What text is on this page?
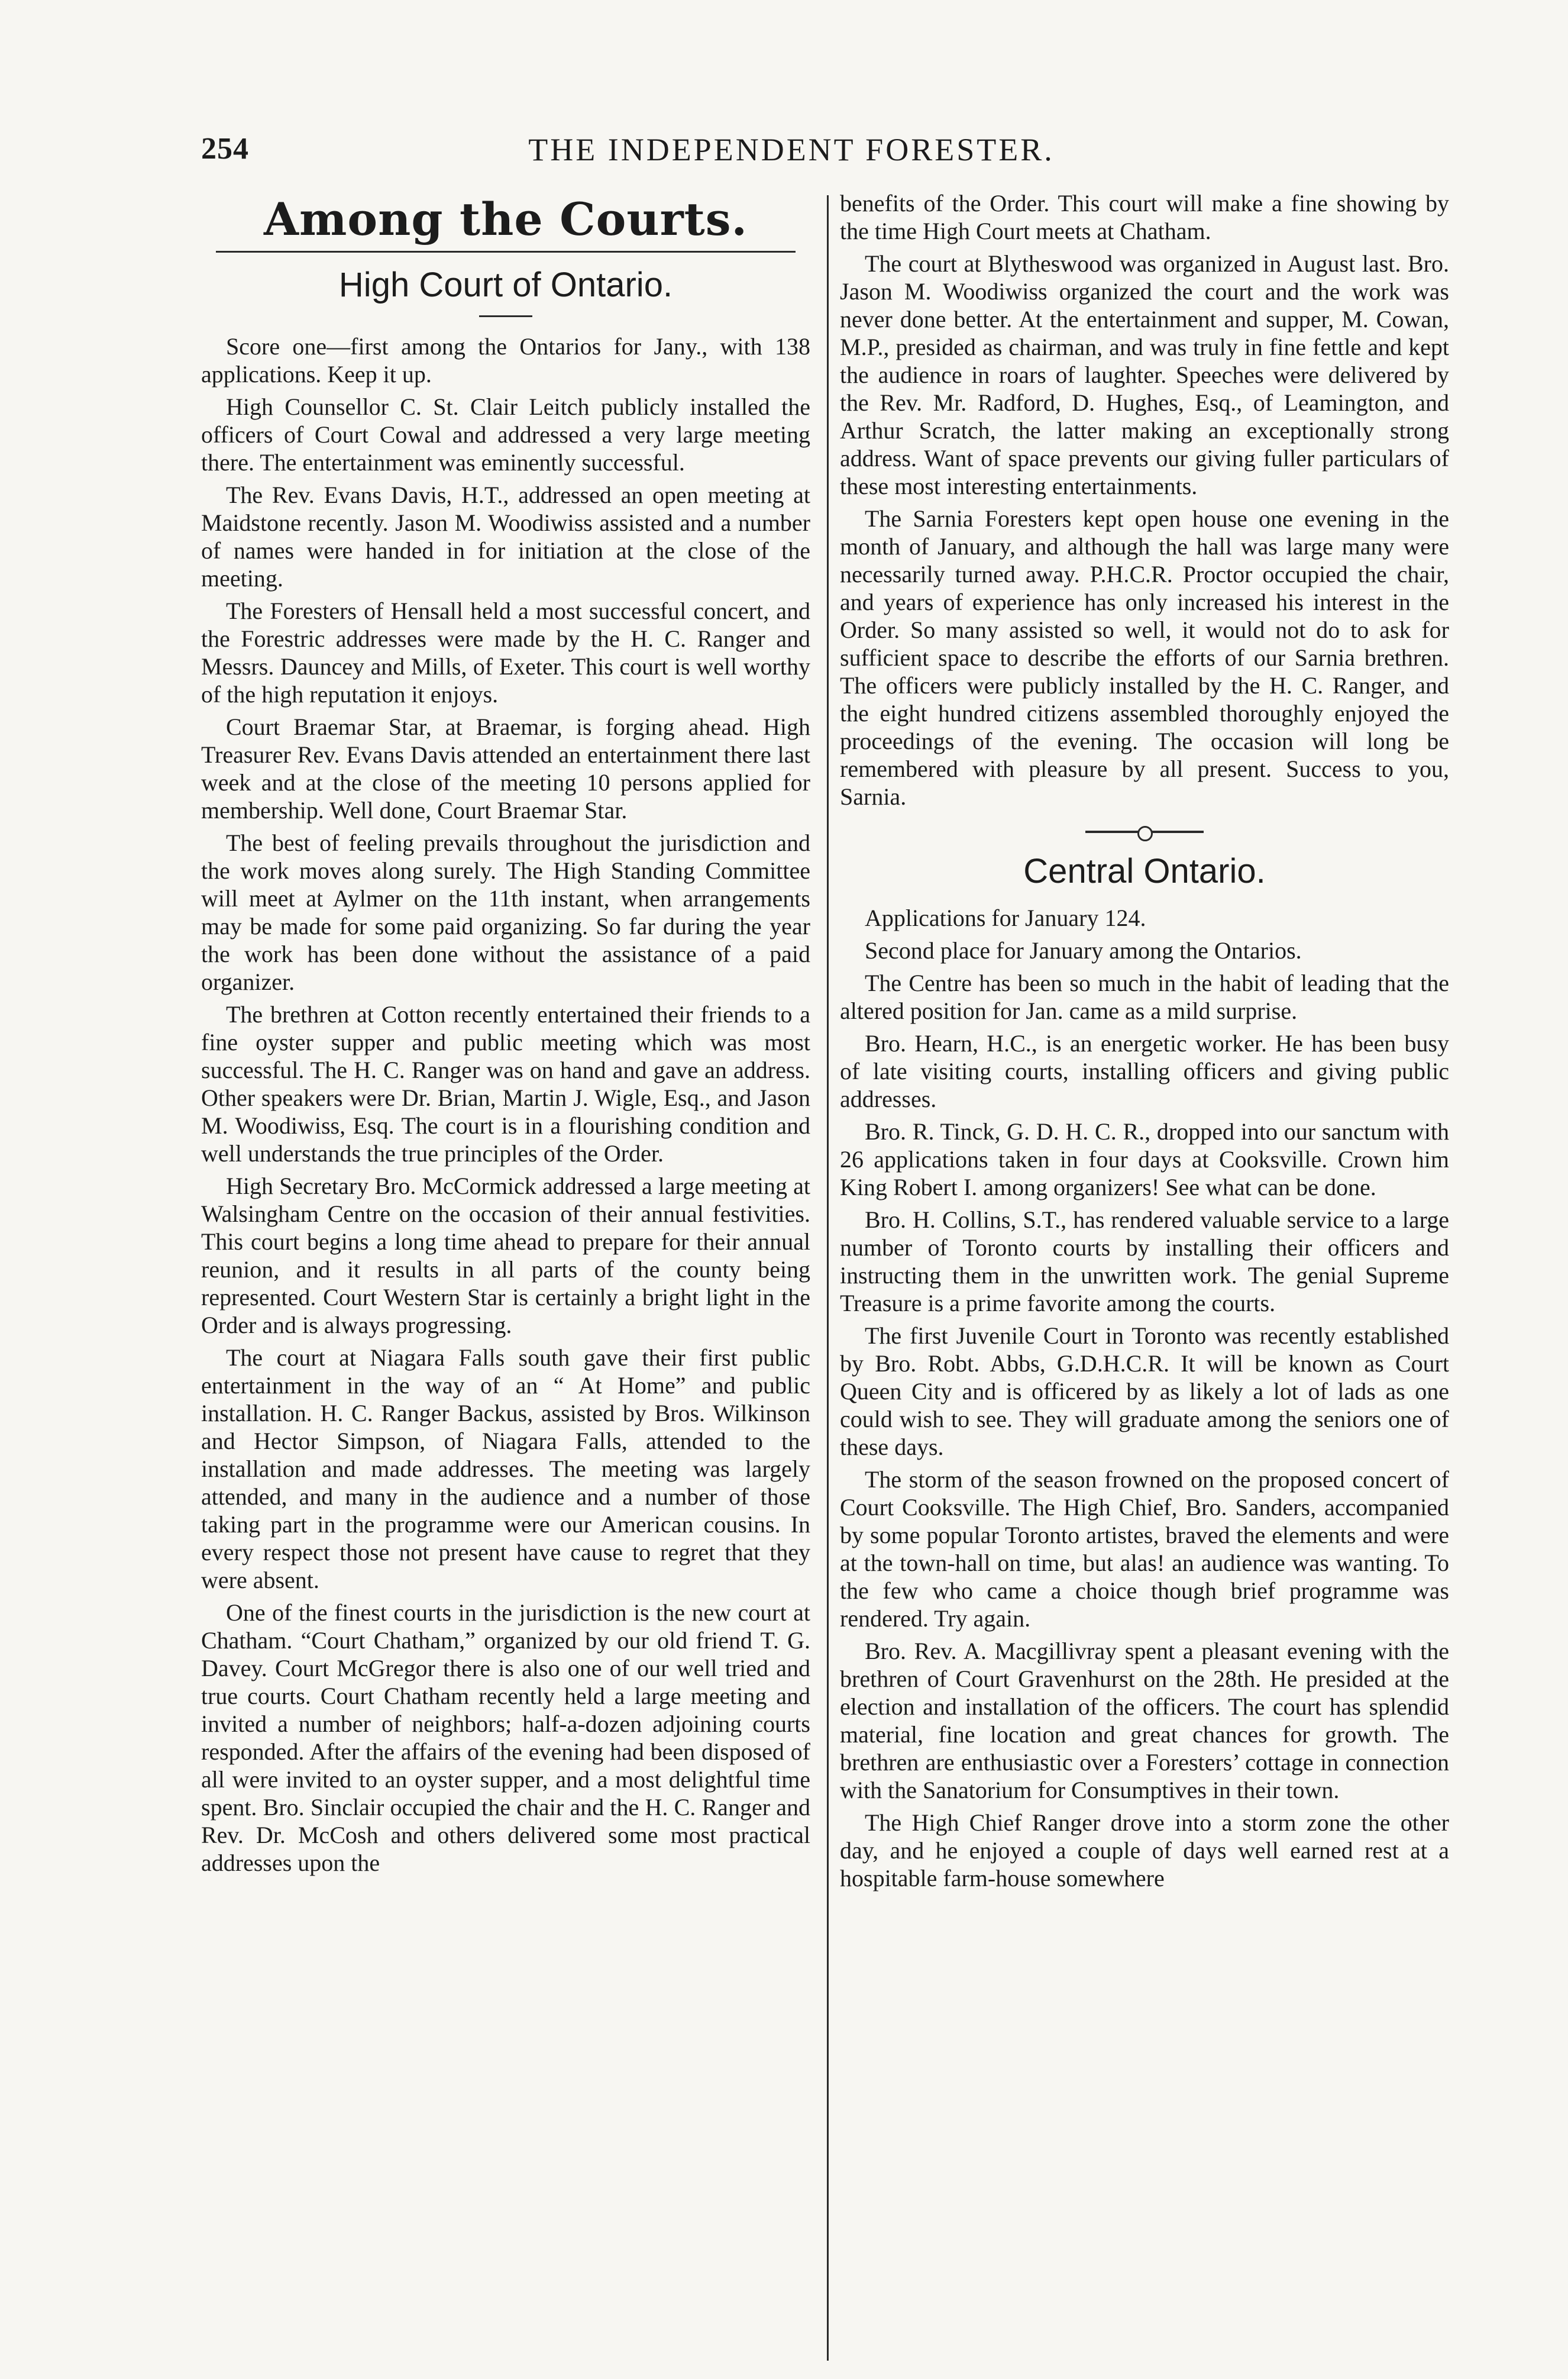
254	THE INDEPENDENT FORESTER.
Among the Courts.
High Court of Ontario.

Score one—first among the Ontarios for Jany., with 138 applications. Keep it up.

High Counsellor C. St. Clair Leitch publicly installed the officers of Court Cowal and addressed a very large meeting there. The entertainment was eminently successful.

The Rev. Evans Davis, H.T., addressed an open meeting at Maidstone recently. Jason M. Woodiwiss assisted and a number of names were handed in for initiation at the close of the meeting.

The Foresters of Hensall held a most successful concert, and the Forestric addresses were made by the H. C. Ranger and Messrs. Dauncey and Mills, of Exeter. This court is well worthy of the high reputation it enjoys.

Court Braemar Star, at Braemar, is forging ahead. High Treasurer Rev. Evans Davis attended an entertainment there last week and at the close of the meeting 10 persons applied for membership. Well done, Court Braemar Star.

The best of feeling prevails throughout the jurisdiction and the work moves along surely. The High Standing Committee will meet at Aylmer on the 11th instant, when arrangements may be made for some paid organizing. So far during the year the work has been done without the assistance of a paid organizer.

The brethren at Cotton recently entertained their friends to a fine oyster supper and public meeting which was most successful. The H. C. Ranger was on hand and gave an address. Other speakers were Dr. Brian, Martin J. Wigle, Esq., and Jason M. Woodiwiss, Esq. The court is in a flourishing condition and well understands the true principles of the Order.

High Secretary Bro. McCormick addressed a large meeting at Walsingham Centre on the occasion of their annual festivities. This court begins a long time ahead to prepare for their annual reunion, and it results in all parts of the county being represented. Court Western Star is certainly a bright light in the Order and is always progressing.

The court at Niagara Falls south gave their first public entertainment in the way of an “ At Home” and public installation. H. C. Ranger Backus, assisted by Bros. Wilkinson and Hector Simpson, of Niagara Falls, attended to the installation and made addresses. The meeting was largely attended, and many in the audience and a number of those taking part in the programme were our American cousins. In every respect those not present have cause to regret that they were absent.

One of the finest courts in the jurisdiction is the new court at Chatham. “Court Chatham,” organized by our old friend T. G. Davey. Court McGregor there is also one of our well tried and true courts. Court Chatham recently held a large meeting and invited a number of neighbors; half-a-dozen adjoining courts responded. After the affairs of the evening had been disposed of all were invited to an oyster supper, and a most delightful time spent. Bro. Sinclair occupied the chair and the H. C. Ranger and Rev. Dr. McCosh and others delivered some most practical addresses upon the

benefits of the Order. This court will make a fine showing by the time High Court meets at Chatham.

The court at Blytheswood was organized in August last. Bro. Jason M. Woodiwiss organized the court and the work was never done better. At the entertainment and supper, M. Cowan, M.P., presided as chairman, and was truly in fine fettle and kept the audience in roars of laughter. Speeches were delivered by the Rev. Mr. Radford, D. Hughes, Esq., of Leamington, and Arthur Scratch, the latter making an exceptionally strong address. Want of space prevents our giving fuller particulars of these most interesting entertainments.

The Sarnia Foresters kept open house one evening in the month of January, and although the hall was large many were necessarily turned away. P.H.C.R. Proctor occupied the chair, and years of experience has only increased his interest in the Order. So many assisted so well, it would not do to ask for sufficient space to describe the efforts of our Sarnia brethren. The officers were publicly installed by the H. C. Ranger, and the eight hundred citizens assembled thoroughly enjoyed the proceedings of the evening. The occasion will long be remembered with pleasure by all present. Success to you, Sarnia.

Central Ontario.

Applications for January 124.

Second place for January among the Ontarios.

The Centre has been so much in the habit of leading that the altered position for Jan. came as a mild surprise.

Bro. Hearn, H.C., is an energetic worker. He has been busy of late visiting courts, installing officers and giving public addresses.

Bro. R. Tinck, G. D. H. C. R., dropped into our sanctum with 26 applications taken in four days at Cooksville. Crown him King Robert I. among organizers! See what can be done.

Bro. H. Collins, S.T., has rendered valuable service to a large number of Toronto courts by installing their officers and instructing them in the unwritten work. The genial Supreme Treasure is a prime favorite among the courts.

The first Juvenile Court in Toronto was recently established by Bro. Robt. Abbs, G.D.H.C.R. It will be known as Court Queen City and is officered by as likely a lot of lads as one could wish to see. They will graduate among the seniors one of these days.

The storm of the season frowned on the proposed concert of Court Cooksville. The High Chief, Bro. Sanders, accompanied by some popular Toronto artistes, braved the elements and were at the town-hall on time, but alas! an audience was wanting. To the few who came a choice though brief programme was rendered. Try again.

Bro. Rev. A. Macgillivray spent a pleasant evening with the brethren of Court Gravenhurst on the 28th. He presided at the election and installation of the officers. The court has splendid material, fine location and great chances for growth. The brethren are enthusiastic over a Foresters’ cottage in connection with the Sanatorium for Consumptives in their town.

The High Chief Ranger drove into a storm zone the other day, and he enjoyed a couple of days well earned rest at a hospitable farm-house somewhere
